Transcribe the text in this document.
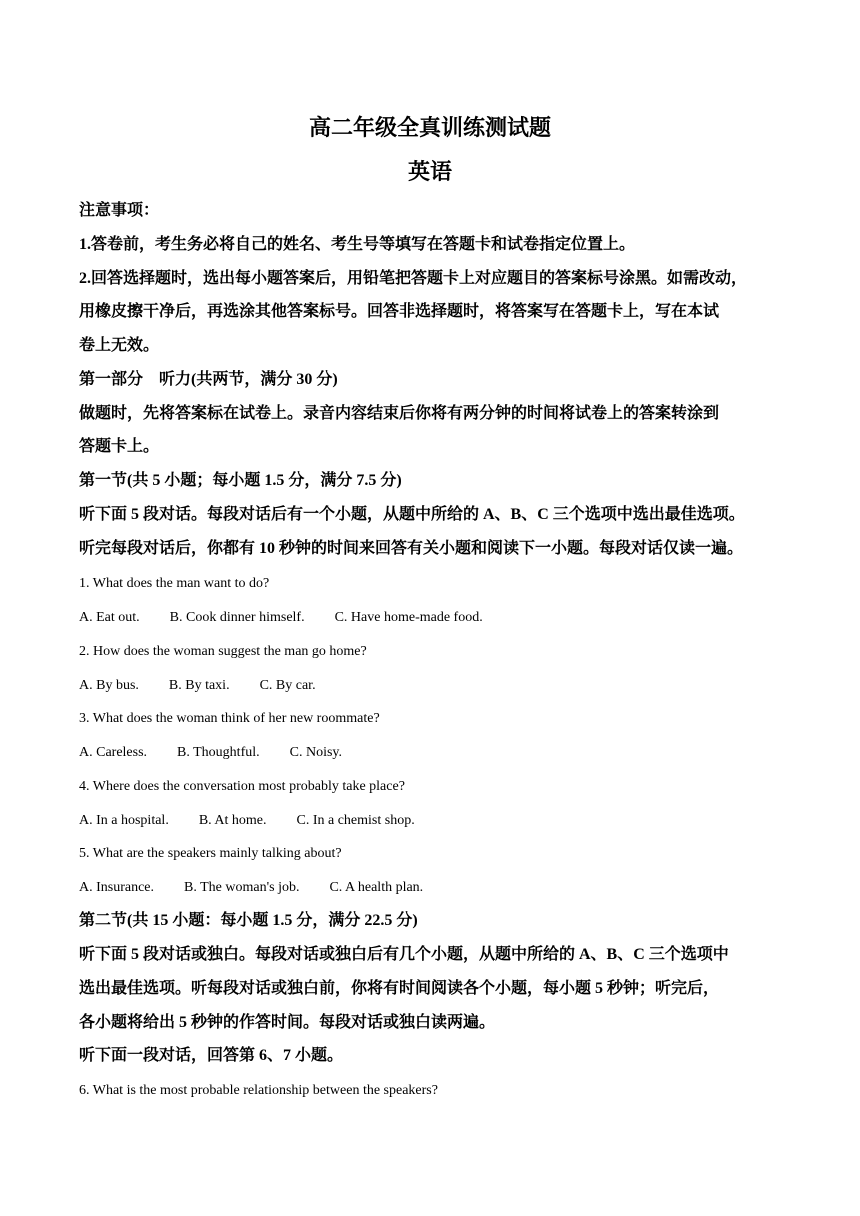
高二年级全真训练测试题
英语
注意事项：
1.答卷前，考生务必将自己的姓名、考生号等填写在答题卡和试卷指定位置上。
2.回答选择题时，选出每小题答案后，用铅笔把答题卡上对应题目的答案标号涂黑。如需改动，
用橡皮擦干净后，再选涂其他答案标号。回答非选择题时，将答案写在答题卡上，写在本试
卷上无效。
第一部分　听力(共两节，满分 30 分)
做题时，先将答案标在试卷上。录音内容结束后你将有两分钟的时间将试卷上的答案转涂到
答题卡上。
第一节(共 5 小题；每小题 1.5 分，满分 7.5 分)
听下面 5 段对话。每段对话后有一个小题，从题中所给的 A、B、C 三个选项中选出最佳选项。
听完每段对话后，你都有 10 秒钟的时间来回答有关小题和阅读下一小题。每段对话仅读一遍。
1. What does the man want to do?
A. Eat out. B. Cook dinner himself. C. Have home-made food.
2. How does the woman suggest the man go home?
A. By bus. B. By taxi. C. By car.
3. What does the woman think of her new roommate?
A. Careless. B. Thoughtful. C. Noisy.
4. Where does the conversation most probably take place?
A. In a hospital. B. At home. C. In a chemist shop.
5. What are the speakers mainly talking about?
A. Insurance. B. The woman's job. C. A health plan.
第二节(共 15 小题：每小题 1.5 分，满分 22.5 分)
听下面 5 段对话或独白。每段对话或独白后有几个小题，从题中所给的 A、B、C 三个选项中
选出最佳选项。听每段对话或独白前，你将有时间阅读各个小题，每小题 5 秒钟；听完后，
各小题将给出 5 秒钟的作答时间。每段对话或独白读两遍。
听下面一段对话，回答第 6、7 小题。
6. What is the most probable relationship between the speakers?
